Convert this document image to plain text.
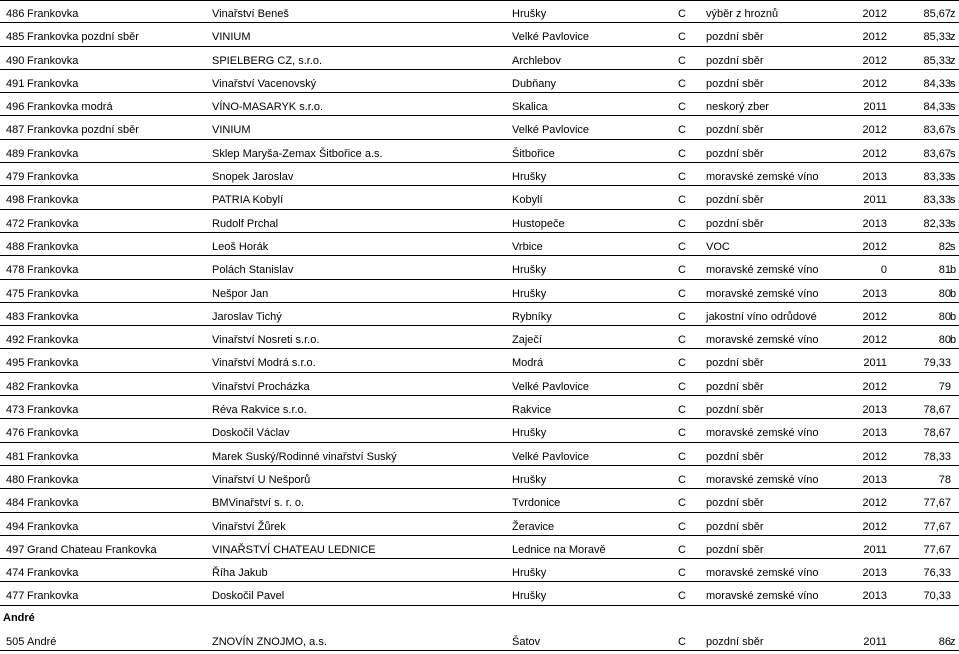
486 Frankovka	Vinařství Beneš	Hrušky	C výběr z hroznů	2012	85,67 z
485 Frankovka pozdní sběr	VINIUM	Velké Pavlovice	C pozdní sběr	2012	85,33 z
490 Frankovka	SPIELBERG CZ, s.r.o.	Archlebov	C pozdní sběr	2012	85,33 z
491 Frankovka	Vinařství Vacenovský	Dubňany	C pozdní sběr	2012	84,33 s
496 Frankovka modrá	VÍNO-MASARYK s.r.o.	Skalica	C neskorý zber	2011	84,33 s
487 Frankovka pozdní sběr	VINIUM	Velké Pavlovice	C pozdní sběr	2012	83,67 s
489 Frankovka	Sklep Maryša-Zemax Šitbořice a.s.	Šitbořice	C pozdní sběr	2012	83,67 s
479 Frankovka	Snopek Jaroslav	Hrušky	C moravské zemské víno	2013	83,33 s
498 Frankovka	PATRIA Kobylí	Kobylí	C pozdní sběr	2011	83,33 s
472 Frankovka	Rudolf Prchal	Hustopeče	C pozdní sběr	2013	82,33 s
488 Frankovka	Leoš Horák	Vrbice	C VOC	2012	82 s
478 Frankovka	Polách Stanislav	Hrušky	C moravské zemské víno	0	81 b
475 Frankovka	Nešpor Jan	Hrušky	C moravské zemské víno	2013	80 b
483 Frankovka	Jaroslav Tichý	Rybníky	C jakostní víno odrůdové	2012	80 b
492 Frankovka	Vinařství Nosreti s.r.o.	Zaječí	C moravské zemské víno	2012	80 b
495 Frankovka	Vinařství Modrá s.r.o.	Modrá	C pozdní sběr	2011	79,33
482 Frankovka	Vinařství Procházka	Velké Pavlovice	C pozdní sběr	2012	79
473 Frankovka	Réva Rakvice s.r.o.	Rakvice	C pozdní sběr	2013	78,67
476 Frankovka	Doskočil Václav	Hrušky	C moravské zemské víno	2013	78,67
481 Frankovka	Marek Suský/Rodinné vinařství Suský	Velké Pavlovice	C pozdní sběr	2012	78,33
480 Frankovka	Vinařství U Nešporů	Hrušky	C moravské zemské víno	2013	78
484 Frankovka	BMVinařství s. r. o.	Tvrdonice	C pozdní sběr	2012	77,67
494 Frankovka	Vinařství Žůrek	Žeravice	C pozdní sběr	2012	77,67
497 Grand Chateau Frankovka	VINAŘSTVÍ CHATEAU LEDNICE	Lednice na Moravě	C pozdní sběr	2011	77,67
474 Frankovka	Říha Jakub	Hrušky	C moravské zemské víno	2013	76,33
477 Frankovka	Doskočil Pavel	Hrušky	C moravské zemské víno	2013	70,33
André
505 André	ZNOVÍN ZNOJMO, a.s.	Šatov	C pozdní sběr	2011	86 z
